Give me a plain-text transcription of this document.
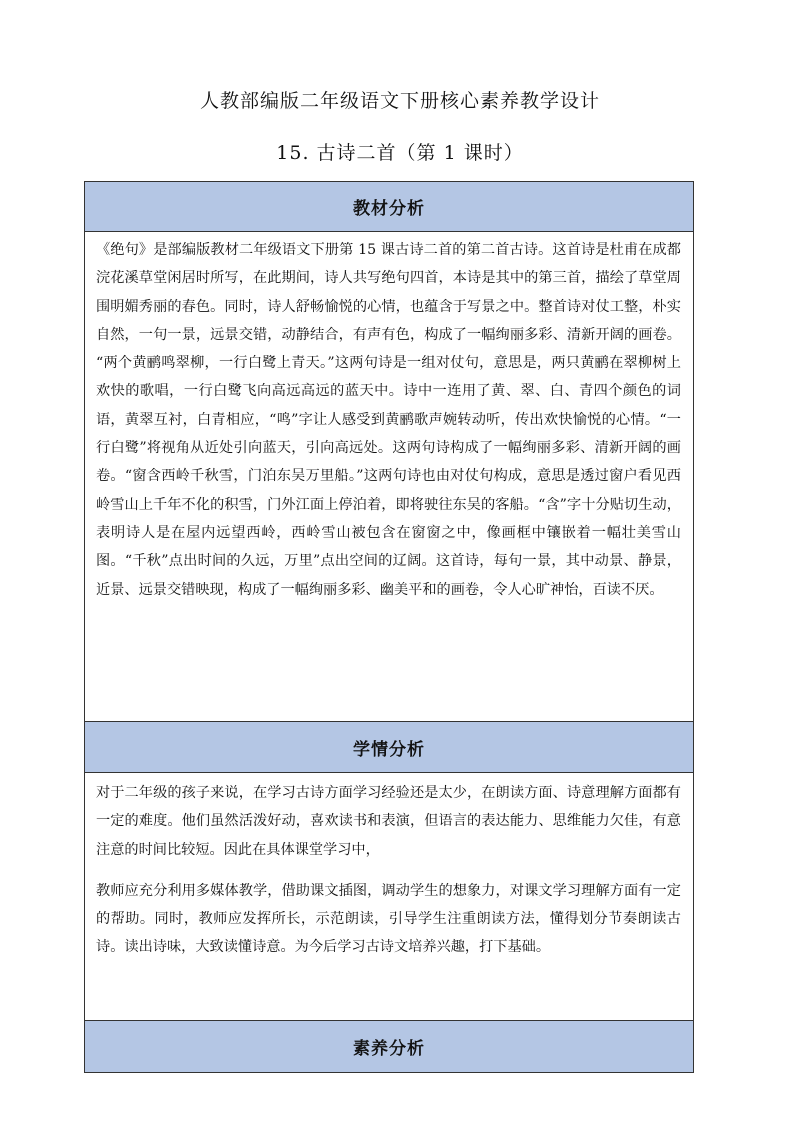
人教部编版二年级语文下册核心素养教学设计
15. 古诗二首（第 1 课时）
教材分析

《绝句》是部编版教材二年级语文下册第 15 课古诗二首的第二首古诗。这首诗是杜甫在成都浣花溪草堂闲居时所写，在此期间，诗人共写绝句四首，本诗是其中的第三首，描绘了草堂周围明媚秀丽的春色。同时，诗人舒畅愉悦的心情，也蕴含于写景之中。整首诗对仗工整，朴实自然，一句一景，远景交错，动静结合，有声有色，构成了一幅绚丽多彩、清新开阔的画卷。 “两个黄鹂鸣翠柳，一行白鹭上青天。”这两句诗是一组对仗句，意思是，两只黄鹂在翠柳树上欢快的歌唱，一行白鹭飞向高远高远的蓝天中。诗中一连用了黄、翠、白、青四个颜色的词语，黄翠互衬，白青相应，“鸣”字让人感受到黄鹂歌声婉转动听，传出欢快愉悦的心情。“一行白鹭”将视角从近处引向蓝天，引向高远处。这两句诗构成了一幅绚丽多彩、清新开阔的画卷。“窗含西岭千秋雪，门泊东吴万里船。”这两句诗也由对仗句构成，意思是透过窗户看见西岭雪山上千年不化的积雪，门外江面上停泊着，即将驶往东吴的客船。“含”字十分贴切生动，表明诗人是在屋内远望西岭，西岭雪山被包含在窗窗之中，像画框中镶嵌着一幅壮美雪山图。“千秋”点出时间的久远，万里”点出空间的辽阔。这首诗，每句一景，其中动景、静景，近景、远景交错映现，构成了一幅绚丽多彩、幽美平和的画卷，令人心旷神怡，百读不厌。

学情分析

对于二年级的孩子来说，在学习古诗方面学习经验还是太少，在朗读方面、诗意理解方面都有一定的难度。他们虽然活泼好动，喜欢读书和表演，但语言的表达能力、思维能力欠佳，有意注意的时间比较短。因此在具体课堂学习中，

教师应充分利用多媒体教学，借助课文插图，调动学生的想象力，对课文学习理解方面有一定的帮助。同时，教师应发挥所长，示范朗读，引导学生注重朗读方法，懂得划分节奏朗读古诗。读出诗味，大致读懂诗意。为今后学习古诗文培养兴趣，打下基础。

素养分析
